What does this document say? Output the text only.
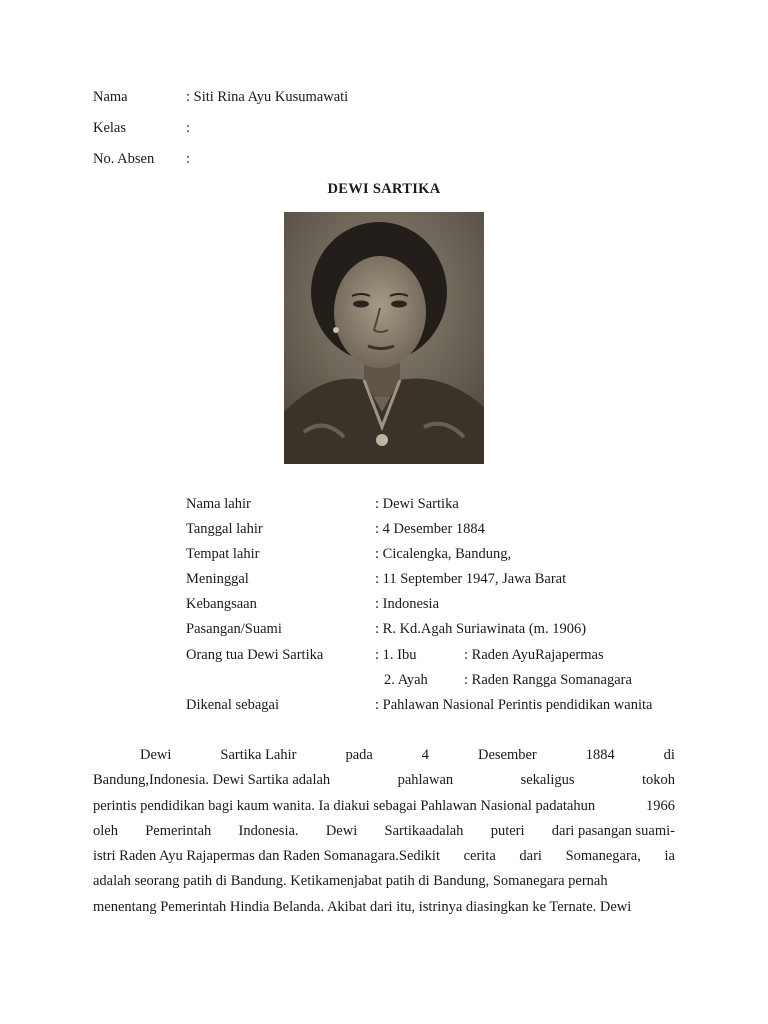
Nama	: Siti Rina Ayu Kusumawati
Kelas	:
No. Absen :
DEWI SARTIKA
Nama lahir	: Dewi Sartika
Tanggal lahir	: 4 Desember 1884
Tempat lahir	: Cicalengka, Bandung,
Meninggal	: 11 September 1947, Jawa Barat
Kebangsaan	: Indonesia
Pasangan/Suami	: R. Kd.Agah Suriawinata (m. 1906)
Orang tua Dewi Sartika	: 1. Ibu	: Raden AyuRajapermas
2. Ayah : Raden Rangga Somanagara
Dikenal sebagai	: Pahlawan Nasional Perintis pendidikan wanita
Dewi	Sartika Lahir	pada	4	Desember	1884	di
Bandung,Indonesia. Dewi Sartika adalah	pahlawan	sekaligus	tokoh
perintis pendidikan bagi kaum wanita. Ia diakui sebagai Pahlawan Nasional padatahun	1966
oleh Pemerintah Indonesia. Dewi Sartikaadalah puteri dari pasangan suami-
istri Raden Ayu Rajapermas dan Raden Somanagara.Sedikit cerita dari Somanegara, ia
adalah seorang patih di Bandung. Ketikamenjabat patih di Bandung, Somanegara pernah
menentang Pemerintah Hindia Belanda. Akibat dari itu, istrinya diasingkan ke Ternate. Dewi
